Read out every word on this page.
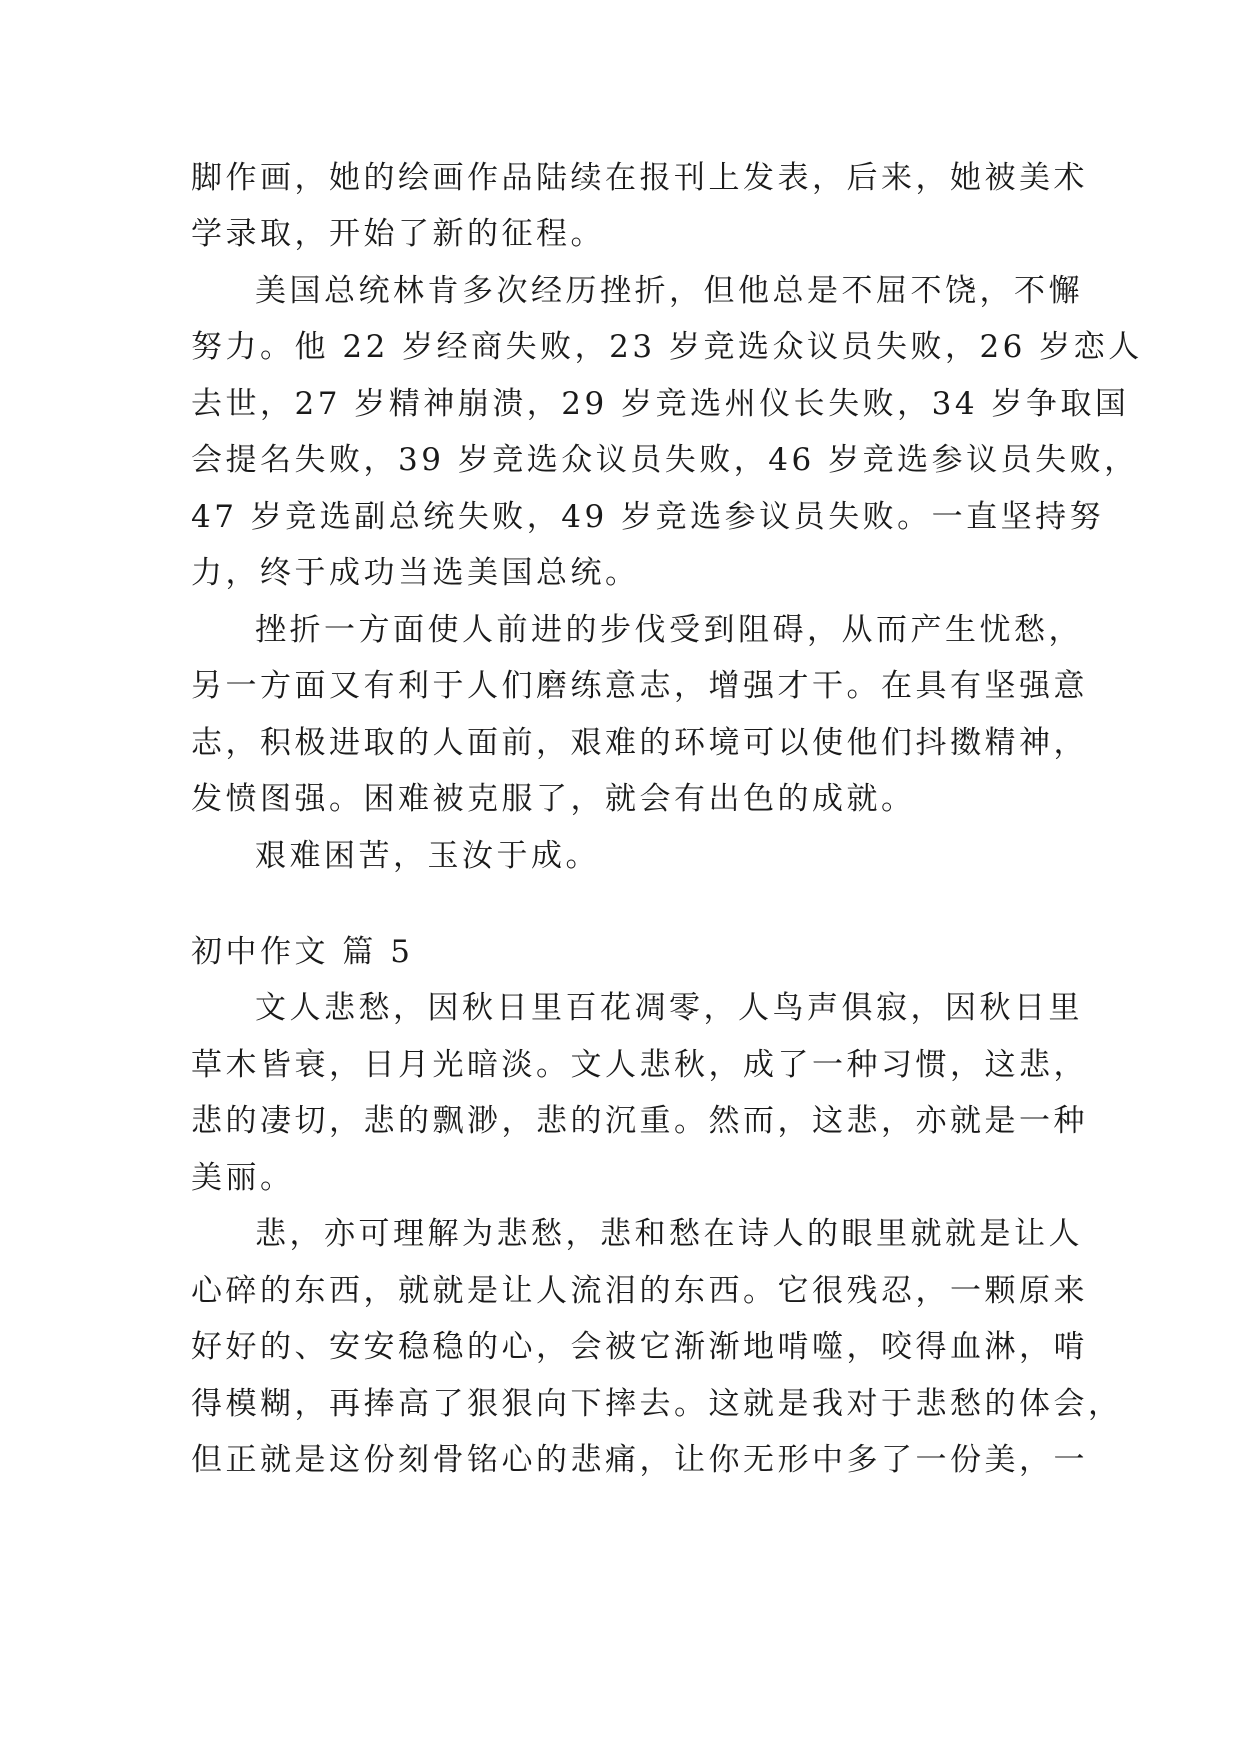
脚作画，她的绘画作品陆续在报刊上发表，后来，她被美术
学录取，开始了新的征程。
美国总统林肯多次经历挫折，但他总是不屈不饶，不懈
努力。他 22 岁经商失败，23 岁竞选众议员失败，26 岁恋人
去世，27 岁精神崩溃，29 岁竞选州仪长失败，34 岁争取国
会提名失败，39 岁竞选众议员失败，46 岁竞选参议员失败，
47 岁竞选副总统失败，49 岁竞选参议员失败。一直坚持努
力，终于成功当选美国总统。
挫折一方面使人前进的步伐受到阻碍，从而产生忧愁，
另一方面又有利于人们磨练意志，增强才干。在具有坚强意
志，积极进取的人面前，艰难的环境可以使他们抖擞精神，
发愤图强。困难被克服了，就会有出色的成就。
艰难困苦，玉汝于成。
初中作文 篇 5
文人悲愁，因秋日里百花凋零，人鸟声俱寂，因秋日里
草木皆衰，日月光暗淡。文人悲秋，成了一种习惯，这悲，
悲的凄切，悲的飘渺，悲的沉重。然而，这悲，亦就是一种
美丽。
悲，亦可理解为悲愁，悲和愁在诗人的眼里就就是让人
心碎的东西，就就是让人流泪的东西。它很残忍，一颗原来
好好的、安安稳稳的心，会被它渐渐地啃噬，咬得血淋，啃
得模糊，再捧高了狠狠向下摔去。这就是我对于悲愁的体会，
但正就是这份刻骨铭心的悲痛，让你无形中多了一份美，一
